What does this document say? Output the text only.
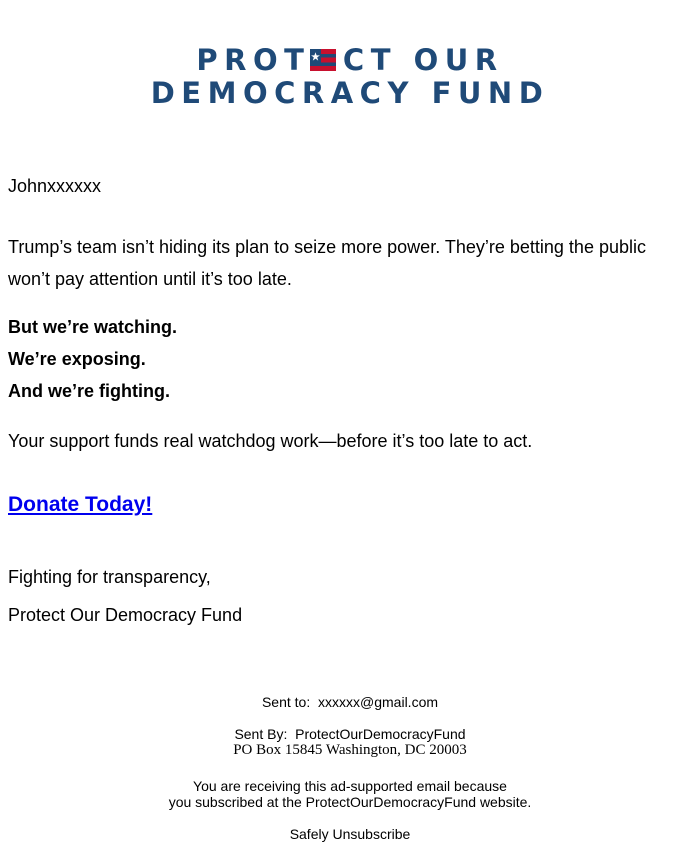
PROT CT OUR
DEMOCRACY FUND

Johnxxxxxx

Trump’s team isn’t hiding its plan to seize more power. They’re betting the public won’t pay attention until it’s too late.

But we’re watching.
We’re exposing.
And we’re fighting.

Your support funds real watchdog work—before it’s too late to act.

Donate Today!

Fighting for transparency,

Protect Our Democracy Fund

Sent to: xxxxxx@gmail.com
Sent By: ProtectOurDemocracyFund
PO Box 15845 Washington, DC 20003
You are receiving this ad-supported email because
you subscribed at the ProtectOurDemocracyFund website.
Safely Unsubscribe
